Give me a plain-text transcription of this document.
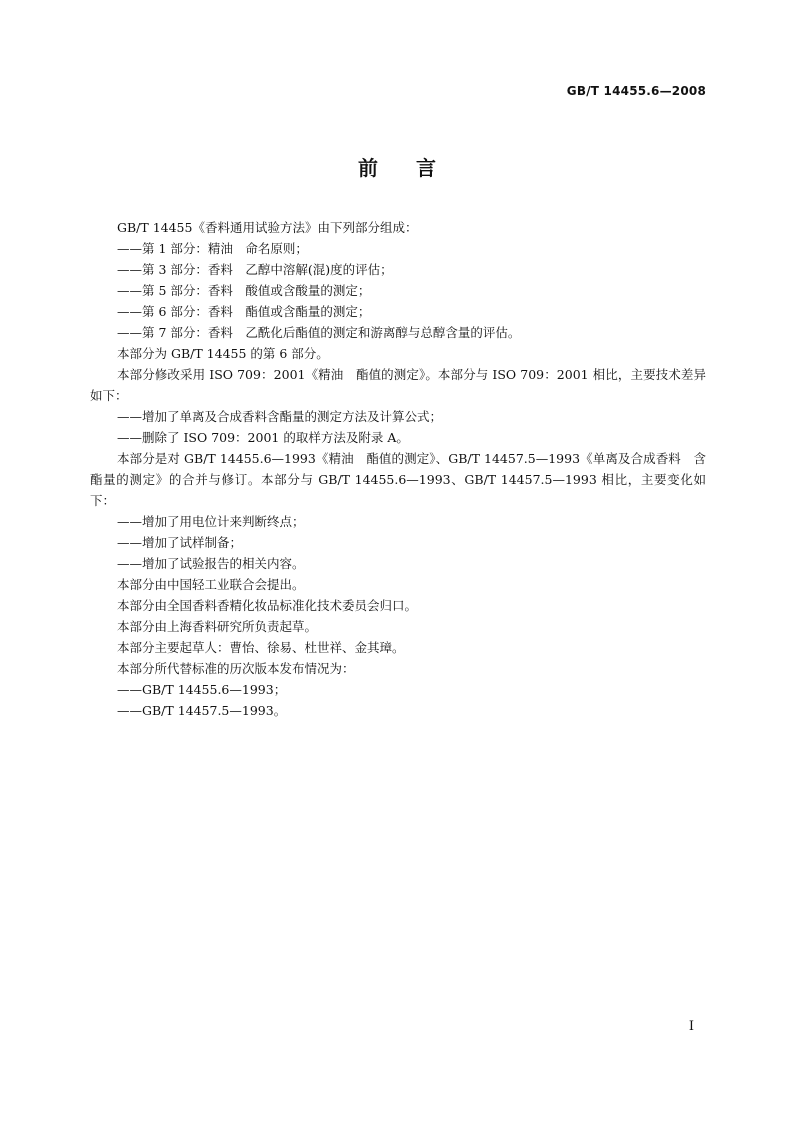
GB/T 14455.6—2008
前言

GB/T 14455《香料通用试验方法》由下列部分组成：

——第 1 部分：精油　命名原则；

——第 3 部分：香料　乙醇中溶解(混)度的评估；

——第 5 部分：香料　酸值或含酸量的测定；

——第 6 部分：香料　酯值或含酯量的测定；

——第 7 部分：香料　乙酰化后酯值的测定和游离醇与总醇含量的评估。

本部分为 GB/T 14455 的第 6 部分。

本部分修改采用 ISO 709：2001《精油　酯值的测定》。本部分与 ISO 709：2001 相比，主要技术差异如下：

——增加了单离及合成香料含酯量的测定方法及计算公式；

——删除了 ISO 709：2001 的取样方法及附录 A。

本部分是对 GB/T 14455.6—1993《精油　酯值的测定》、GB/T 14457.5—1993《单离及合成香料　含酯量的测定》的合并与修订。本部分与 GB/T 14455.6—1993、GB/T 14457.5—1993 相比，主要变化如下：

——增加了用电位计来判断终点；

——增加了试样制备；

——增加了试验报告的相关内容。

本部分由中国轻工业联合会提出。

本部分由全国香料香精化妆品标准化技术委员会归口。

本部分由上海香料研究所负责起草。

本部分主要起草人：曹怡、徐易、杜世祥、金其璋。

本部分所代替标准的历次版本发布情况为：

——GB/T 14455.6—1993；

——GB/T 14457.5—1993。

I
